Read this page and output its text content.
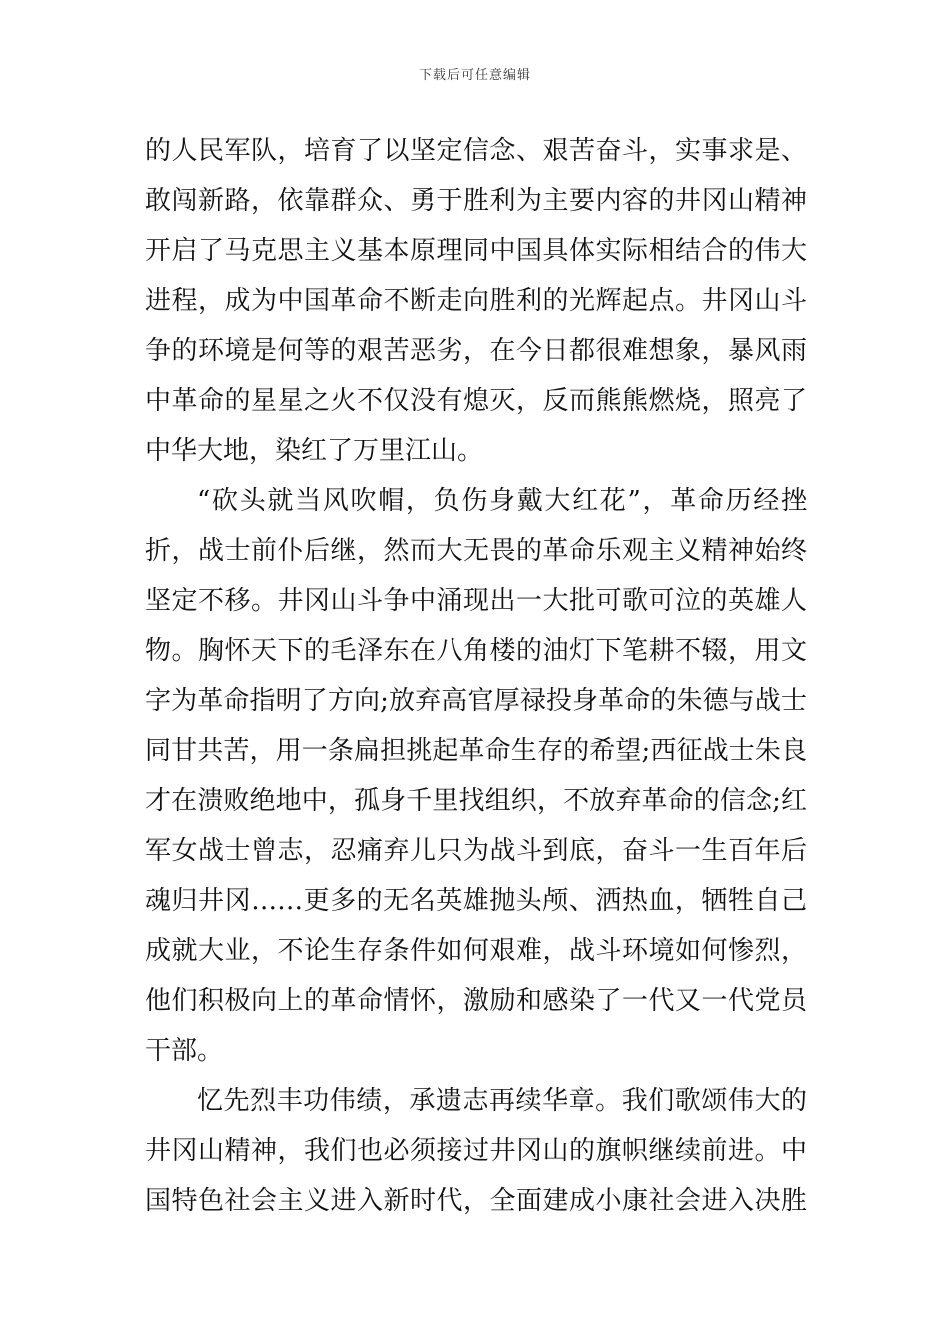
下载后可任意编辑
的人民军队，培育了以坚定信念、艰苦奋斗，实事求是、
敢闯新路，依靠群众、勇于胜利为主要内容的井冈山精神
开启了马克思主义基本原理同中国具体实际相结合的伟大
进程，成为中国革命不断走向胜利的光辉起点。井冈山斗
争的环境是何等的艰苦恶劣，在今日都很难想象，暴风雨
中革命的星星之火不仅没有熄灭，反而熊熊燃烧，照亮了
中华大地，染红了万里江山。
“砍头就当风吹帽，负伤身戴大红花”，革命历经挫
折，战士前仆后继，然而大无畏的革命乐观主义精神始终
坚定不移。井冈山斗争中涌现出一大批可歌可泣的英雄人
物。胸怀天下的毛泽东在八角楼的油灯下笔耕不辍，用文
字为革命指明了方向;放弃高官厚禄投身革命的朱德与战士
同甘共苦，用一条扁担挑起革命生存的希望;西征战士朱良
才在溃败绝地中，孤身千里找组织，不放弃革命的信念;红
军女战士曾志，忍痛弃儿只为战斗到底，奋斗一生百年后
魂归井冈……更多的无名英雄抛头颅、洒热血，牺牲自己
成就大业，不论生存条件如何艰难，战斗环境如何惨烈，
他们积极向上的革命情怀，激励和感染了一代又一代党员
干部。
忆先烈丰功伟绩，承遗志再续华章。我们歌颂伟大的
井冈山精神，我们也必须接过井冈山的旗帜继续前进。中
国特色社会主义进入新时代，全面建成小康社会进入决胜
